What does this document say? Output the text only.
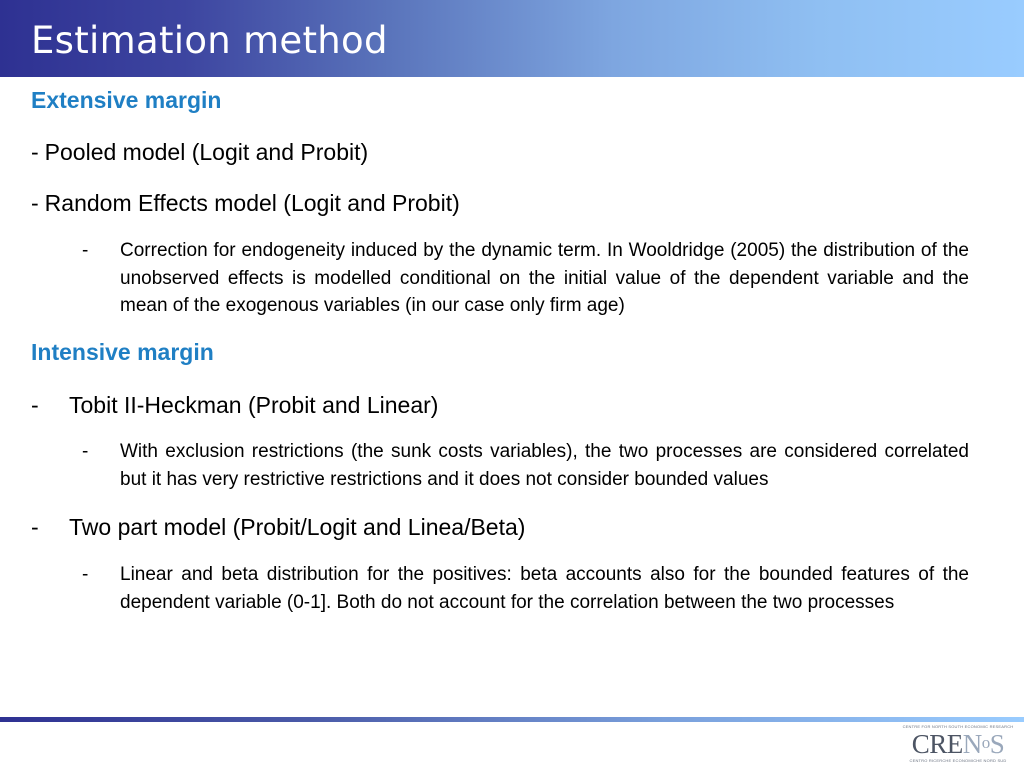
Estimation method
Extensive margin
- Pooled model (Logit and Probit)
- Random Effects model (Logit and Probit)
- Correction for endogeneity induced by the dynamic term. In Wooldridge (2005) the distribution of the unobserved effects is modelled conditional on the initial value of the dependent variable and the mean of the exogenous variables (in our case only firm age)
Intensive margin
- Tobit II-Heckman (Probit and Linear)
- With exclusion restrictions (the sunk costs variables), the two processes are considered correlated but it has very restrictive restrictions and it does not consider bounded values
- Two part model (Probit/Logit and Linea/Beta)
- Linear and beta distribution for the positives: beta accounts also for the bounded features of the dependent variable (0-1]. Both do not account for the correlation between the two processes
CENTRE FOR NORTH SOUTH ECONOMIC RESEARCH
CRENoS
CENTRO RICERCHE ECONOMICHE NORD SUD
